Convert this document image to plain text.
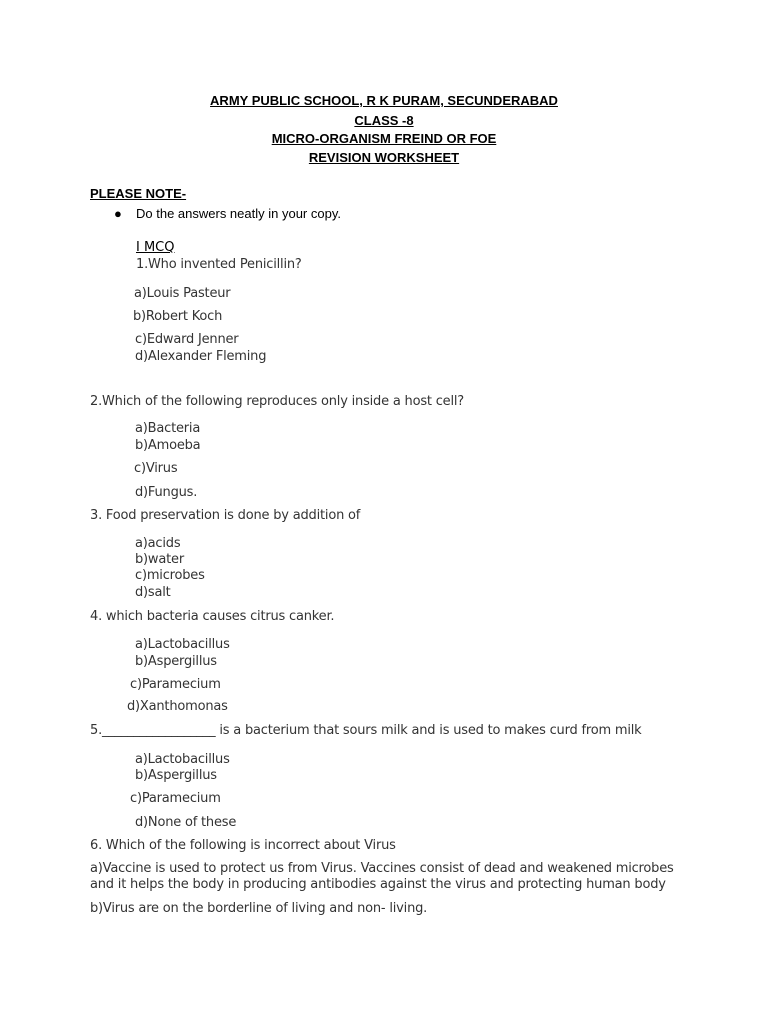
ARMY PUBLIC SCHOOL, R K PURAM, SECUNDERABAD
CLASS -8
MICRO-ORGANISM FREIND OR FOE
REVISION WORKSHEET
PLEASE NOTE-
● Do the answers neatly in your copy.
I MCQ
1.Who invented Penicillin?
a)Louis Pasteur
b)Robert Koch
c)Edward Jenner
d)Alexander Fleming
2.Which of the following reproduces only inside a host cell?
a)Bacteria
b)Amoeba
c)Virus
d)Fungus.
3. Food preservation is done by addition of
a)acids
b)water
c)microbes
d)salt
4. which bacteria causes citrus canker.
a)Lactobacillus
b)Aspergillus
c)Paramecium
d)Xanthomonas
5.__________________ is a bacterium that sours milk and is used to makes curd from milk
a)Lactobacillus
b)Aspergillus
c)Paramecium
d)None of these
6. Which of the following is incorrect about Virus
a)Vaccine is used to protect us from Virus. Vaccines consist of dead and weakened microbes and it helps the body in producing antibodies against the virus and protecting human body
b)Virus are on the borderline of living and non- living.
